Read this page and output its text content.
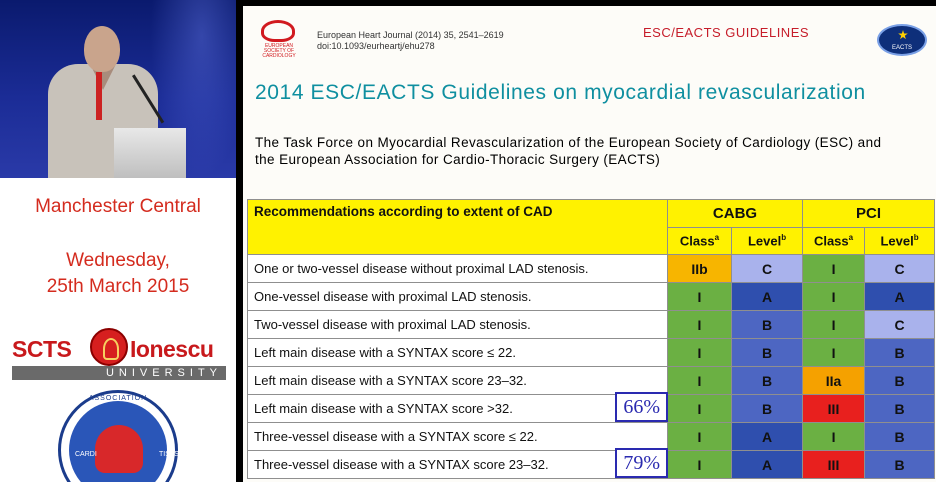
Manchester Central
Wednesday,
25th March 2015
SCTS	Ionescu
UNIVERSITY
CARDI	TISTS
ASSOCIATION
EUROPEAN SOCIETY OF CARDIOLOGY
European Heart Journal (2014) 35, 2541–2619
doi:10.1093/eurheartj/ehu278
ESC/EACTS GUIDELINES
EACTS
2014 ESC/EACTS Guidelines on myocardial revascularization
The Task Force on Myocardial Revascularization of the European Society of Cardiology (ESC) and the European Association for Cardio-Thoracic Surgery (EACTS)
Recommendations according to extent of CAD	CABG		PCI	
	Class$^a$	Level$^b$	Class$^a$	Level$^b$
One or two-vessel disease without proximal LAD stenosis.	IIb	C	I	C
One-vessel disease with proximal LAD stenosis.	I	A	I	A
Two-vessel disease with proximal LAD stenosis.	I	B	I	C
Left main disease with a SYNTAX score ≤ 22.	I	B	I	B
Left main disease with a SYNTAX score 23–32.	I	B	IIa	B
Left main disease with a SYNTAX score >32. 66%	I	B	III	B
Three-vessel disease with a SYNTAX score ≤ 22.	I	A	I	B
Three-vessel disease with a SYNTAX score 23–32. 79%	I	A	III	B
